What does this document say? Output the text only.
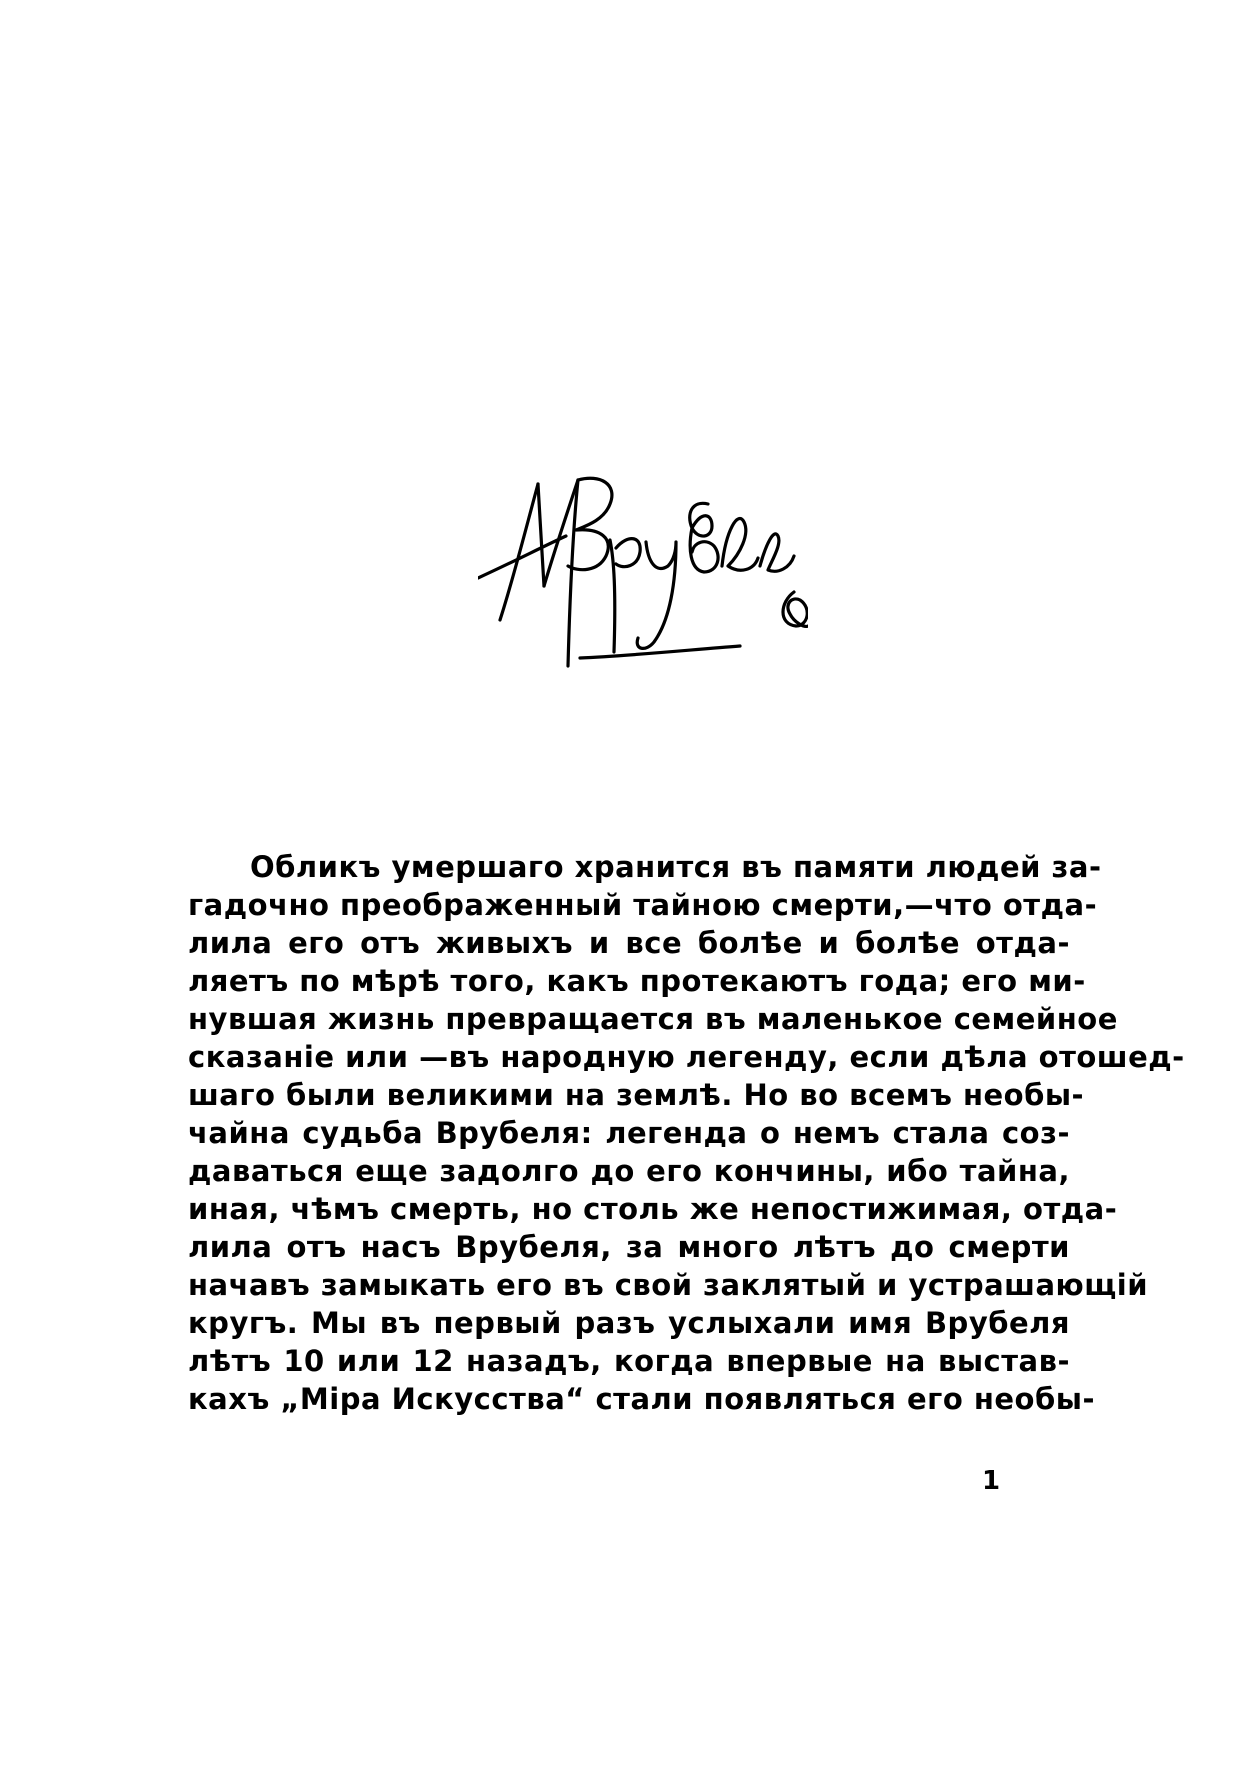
Обликъ умершаго хранится въ памяти людей за-
гадочно преображенный тайною смерти,—что отда-
лила его отъ живыхъ и все болѣе и болѣе отда-
ляетъ по мѣрѣ того, какъ протекаютъ года; его ми-
нувшая жизнь превращается въ маленькое семейное
сказаніе или —въ народную легенду, если дѣла отошед-
шаго были великими на землѣ. Но во всемъ необы-
чайна судьба Врубеля: легенда о немъ стала соз-
даваться еще задолго до его кончины, ибо тайна,
иная, чѣмъ смерть, но столь же непостижимая, отда-
лила отъ насъ Врубеля, за много лѣтъ до смерти
начавъ замыкать его въ свой заклятый и устрашающій
кругъ. Мы въ первый разъ услыхали имя Врубеля
лѣтъ 10 или 12 назадъ, когда впервые на выстав-
кахъ „Міра Искусства“ стали появляться его необы-
1
